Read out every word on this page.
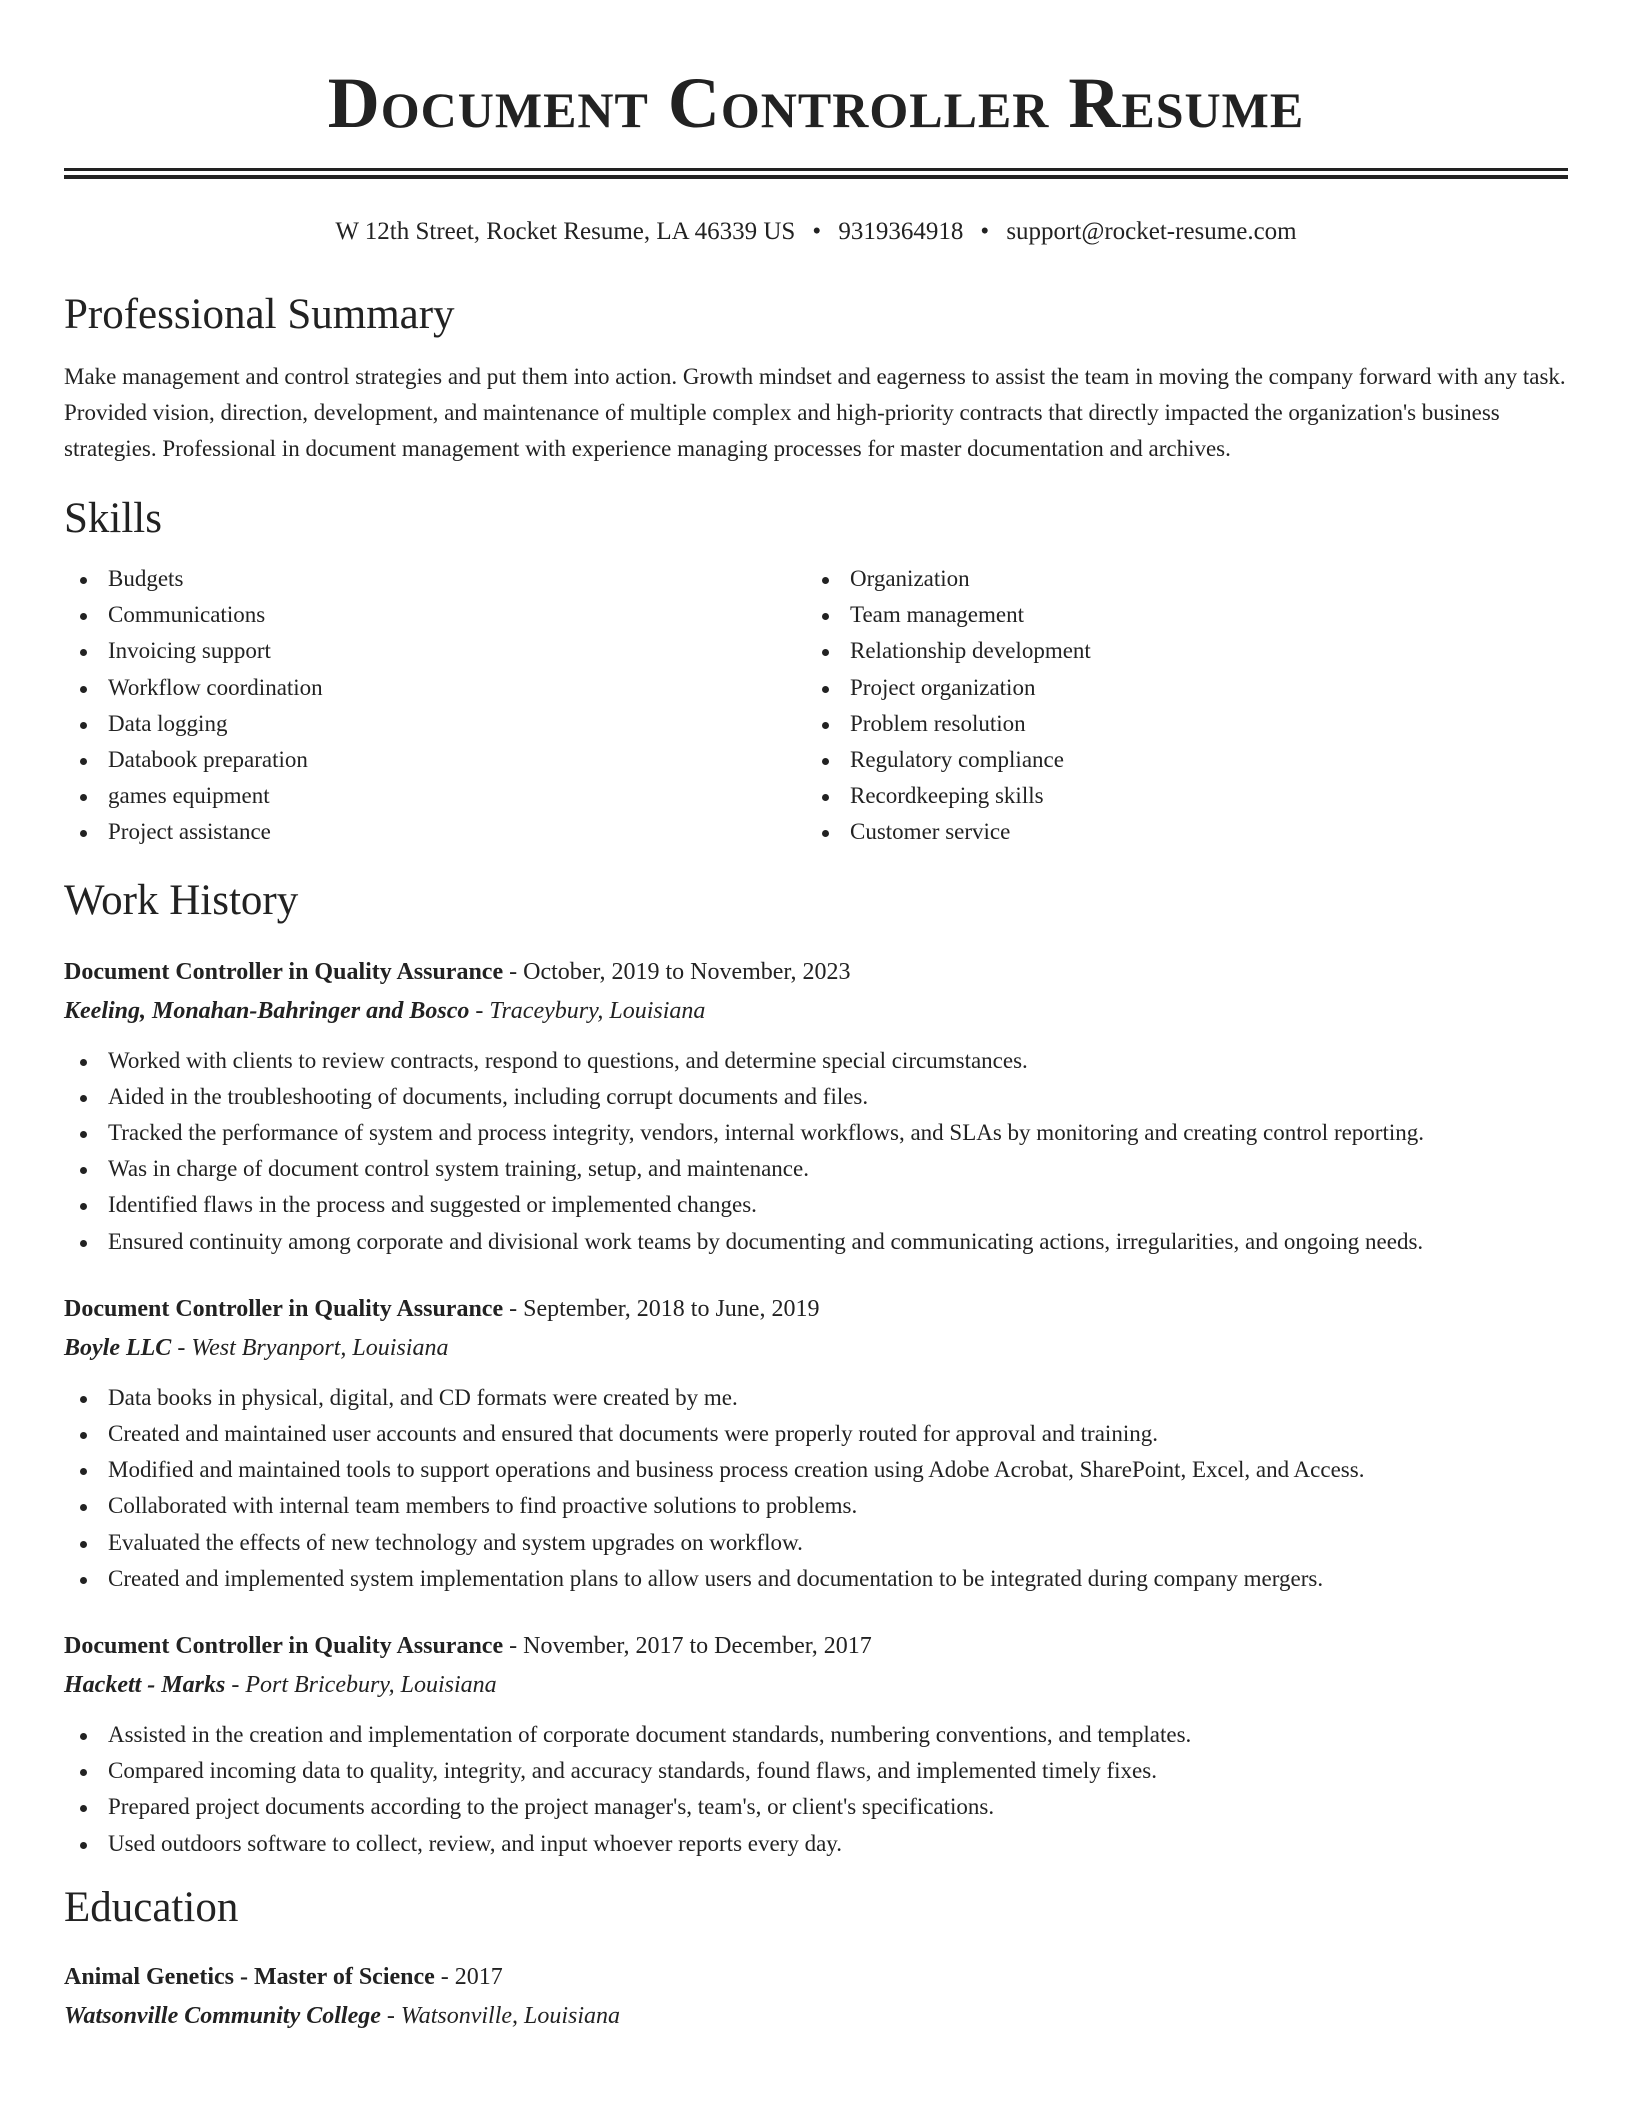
Document Controller Resume
W 12th Street, Rocket Resume, LA 46339 US • 9319364918 • support@rocket-resume.com
Professional Summary

Make management and control strategies and put them into action. Growth mindset and eagerness to assist the team in moving the company forward with any task. Provided vision, direction, development, and maintenance of multiple complex and high-priority contracts that directly impacted the organization's business strategies. Professional in document management with experience managing processes for master documentation and archives.

Skills
Budgets
Communications
Invoicing support
Workflow coordination
Data logging
Databook preparation
games equipment
Project assistance
Organization
Team management
Relationship development
Project organization
Problem resolution
Regulatory compliance
Recordkeeping skills
Customer service
Work History
Document Controller in Quality Assurance - October, 2019 to November, 2023
Keeling, Monahan-Bahringer and Bosco - Traceybury, Louisiana
Worked with clients to review contracts, respond to questions, and determine special circumstances.
Aided in the troubleshooting of documents, including corrupt documents and files.
Tracked the performance of system and process integrity, vendors, internal workflows, and SLAs by monitoring and creating control reporting.
Was in charge of document control system training, setup, and maintenance.
Identified flaws in the process and suggested or implemented changes.
Ensured continuity among corporate and divisional work teams by documenting and communicating actions, irregularities, and ongoing needs.
Document Controller in Quality Assurance - September, 2018 to June, 2019
Boyle LLC - West Bryanport, Louisiana
Data books in physical, digital, and CD formats were created by me.
Created and maintained user accounts and ensured that documents were properly routed for approval and training.
Modified and maintained tools to support operations and business process creation using Adobe Acrobat, SharePoint, Excel, and Access.
Collaborated with internal team members to find proactive solutions to problems.
Evaluated the effects of new technology and system upgrades on workflow.
Created and implemented system implementation plans to allow users and documentation to be integrated during company mergers.
Document Controller in Quality Assurance - November, 2017 to December, 2017
Hackett - Marks - Port Bricebury, Louisiana
Assisted in the creation and implementation of corporate document standards, numbering conventions, and templates.
Compared incoming data to quality, integrity, and accuracy standards, found flaws, and implemented timely fixes.
Prepared project documents according to the project manager's, team's, or client's specifications.
Used outdoors software to collect, review, and input whoever reports every day.
Education
Animal Genetics - Master of Science - 2017
Watsonville Community College - Watsonville, Louisiana
